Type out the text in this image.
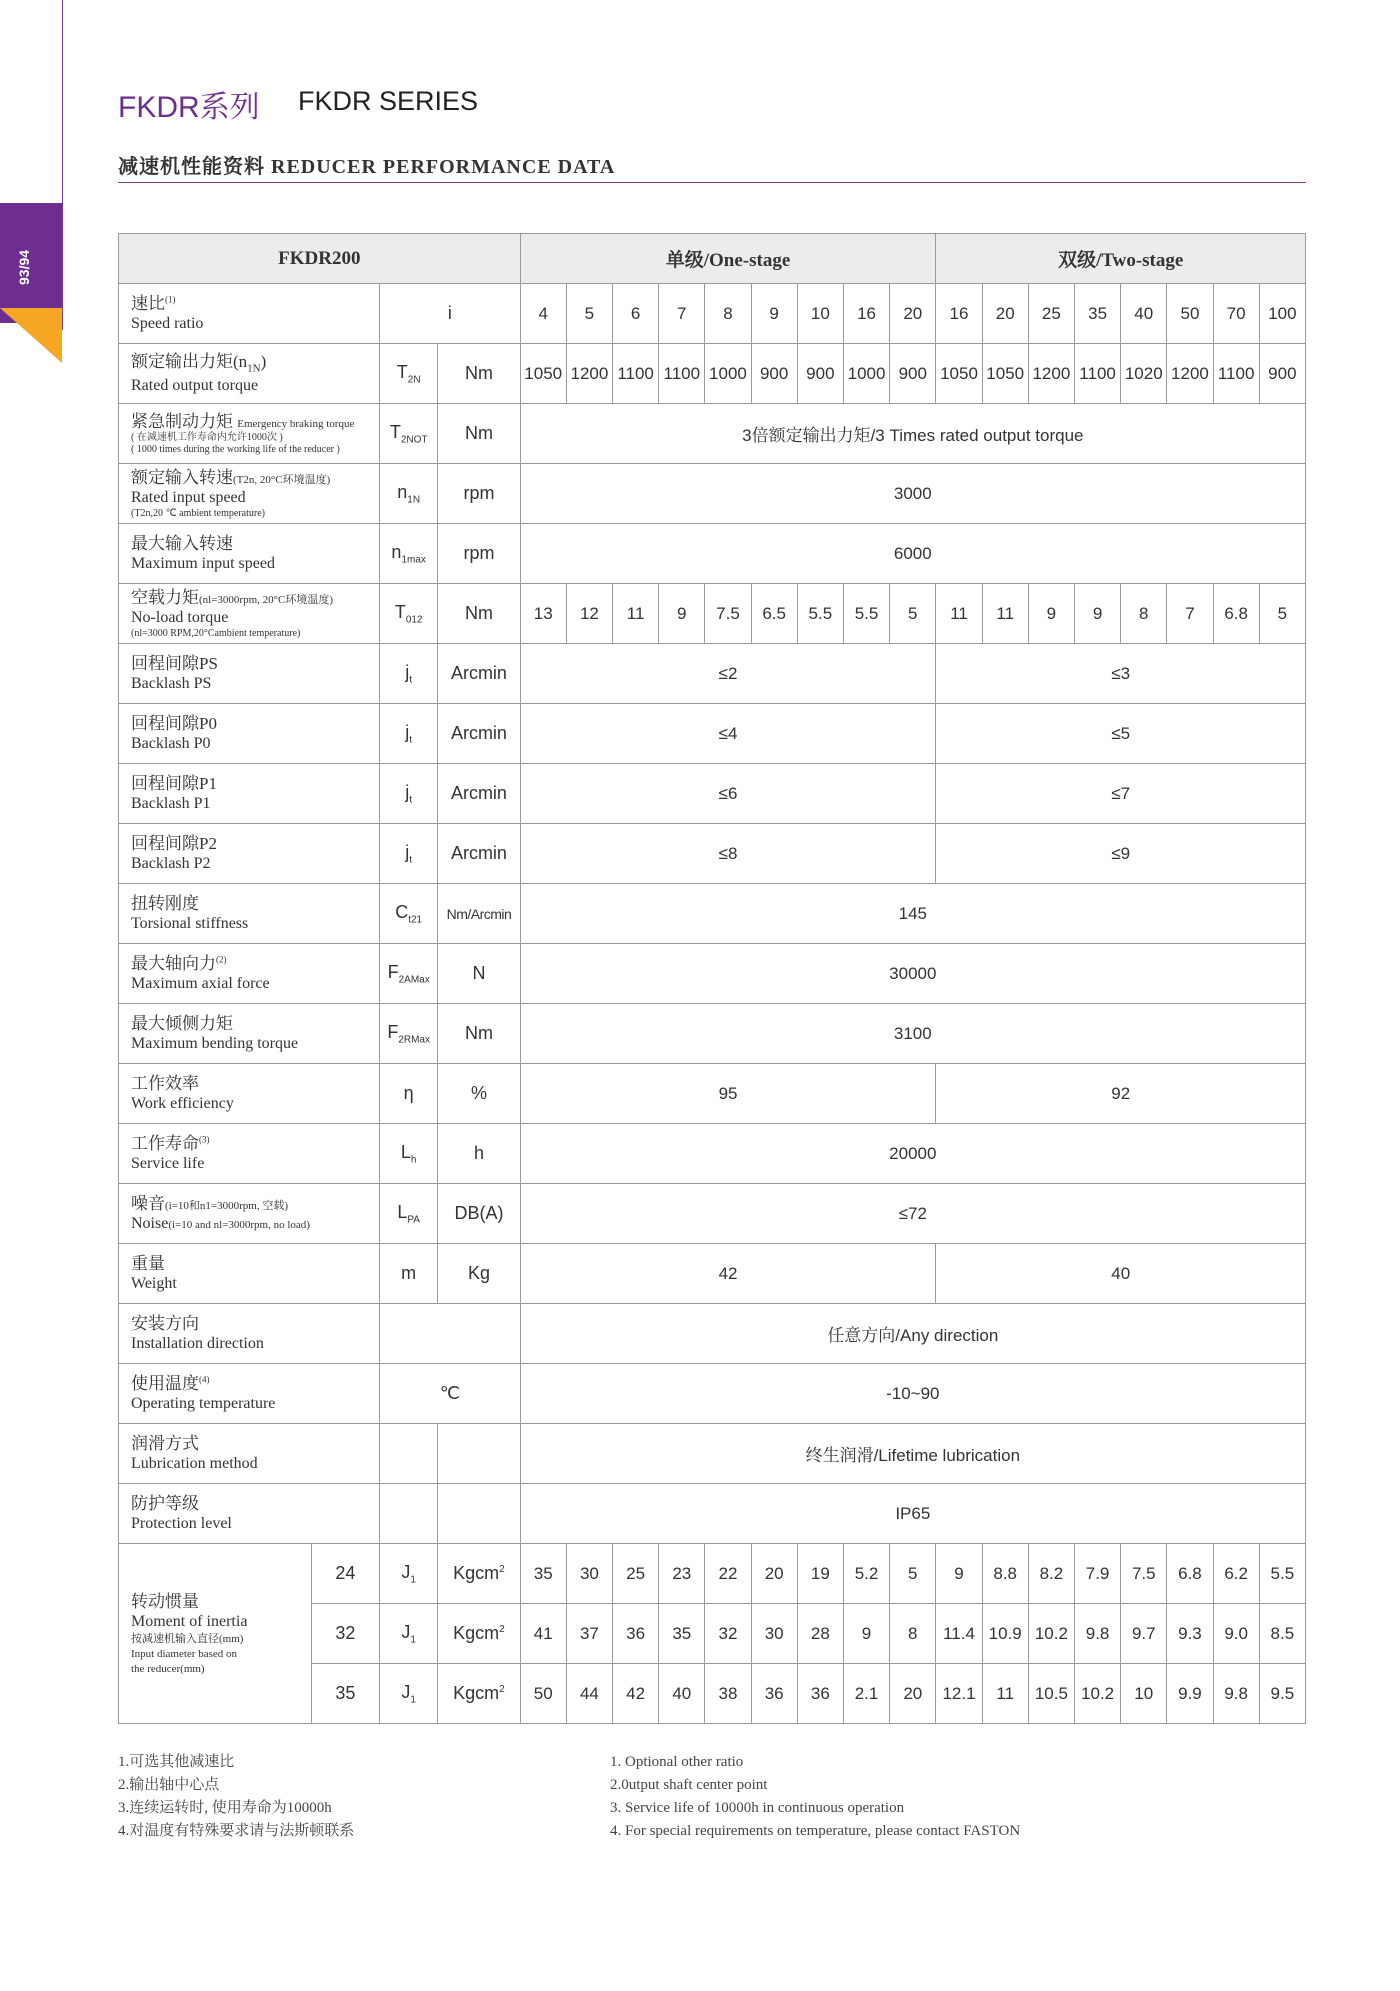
93/94
FKDR系列 FKDR SERIES
减速机性能资料 REDUCER PERFORMANCE DATA
FKDR200				单级/One-stage									双级/Two-stage							

速比$^{(1)}$
Speed ratio		i		4	5	6	7	8	9	10	16	20	16	20	25	35	40	50	70	100

额定输出力矩$(n_{1N})$
Rated output torque		$T_{2N}$	Nm	1050	1200	1100	1100	1000	900	900	1000	900	1050	1050	1200	1100	1020	1200	1100	900

紧急制动力矩 Emergency braking torque
( 在减速机工作寿命内允许1000次 )
( 1000 times during the working life of the reducer )		$T_{2NOT}$	Nm	3倍额定输出力矩/3 Times rated output torque																

额定输入转速(T2n, 20°C环境温度)
Rated input speed
(T2n,20 ℃ ambient temperature)		$n_{1N}$	rpm	3000																

最大输入转速
Maximum input speed		$n_{1max}$	rpm	6000																

空载力矩(nl=3000rpm, 20°C环境温度)
No-load torque
(nl=3000 RPM,20°Cambient temperature)		$T_{012}$	Nm	13	12	11	9	7.5	6.5	5.5	5.5	5	11	11	9	9	8	7	6.8	5

回程间隙PS
Backlash PS		$j_t$	Arcmin	≤2									≤3							

回程间隙P0
Backlash P0		$j_t$	Arcmin	≤4									≤5							

回程间隙P1
Backlash P1		$j_t$	Arcmin	≤6									≤7							

回程间隙P2
Backlash P2		$j_t$	Arcmin	≤8									≤9							

扭转刚度
Torsional stiffness		$C_{t21}$	Nm/Arcmin	145																

最大轴向力$^{(2)}$
Maximum axial force		$F_{2AMax}$	N	30000																

最大倾侧力矩
Maximum bending torque		$F_{2RMax}$	Nm	3100																

工作效率
Work efficiency		η	%	95									92							

工作寿命$^{(3)}$
Service life		$L_h$	h	20000																

噪音(i=10和n1=3000rpm, 空载)
Noise(i=10 and nl=3000rpm, no load)		$L_{PA}$	DB(A)	≤72																

重量
Weight		m	Kg	42									40							

安装方向
Installation direction				任意方向/Any direction																

使用温度$^{(4)}$
Operating temperature		℃		-10~90																

润滑方式
Lubrication method				终生润滑/Lifetime lubrication																

防护等级
Protection level				IP65																

转动惯量
Moment of inertia
按减速机输入直径(mm)
Input diameter based on
the reducer(mm)	24	$J_1$	Kgcm$^2$	35	30	25	23	22	20	19	5.2	5	9	8.8	8.2	7.9	7.5	6.8	6.2	5.5
	32	$J_1$	Kgcm$^2$	41	37	36	35	32	30	28	9	8	11.4	10.9	10.2	9.8	9.7	9.3	9.0	8.5
	35	$J_1$	Kgcm$^2$	50	44	42	40	38	36	36	2.1	20	12.1	11	10.5	10.2	10	9.9	9.8	9.5
1.可选其他减速比
2.输出轴中心点
3.连续运转时, 使用寿命为10000h
4.对温度有特殊要求请与法斯顿联系
1. Optional other ratio
2.0utput shaft center point
3. Service life of 10000h in continuous operation
4. For special requirements on temperature, please contact FASTON
